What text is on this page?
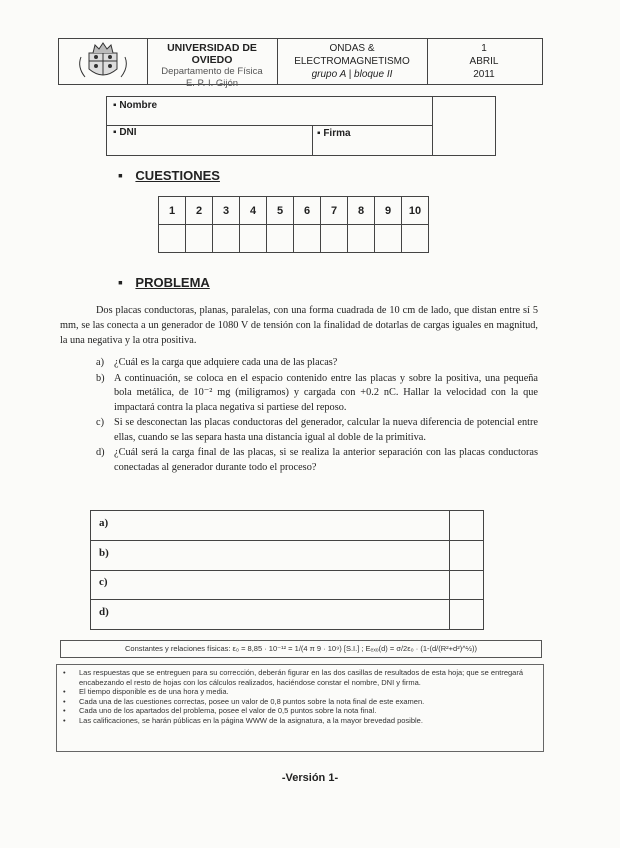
UNIVERSIDAD DE OVIEDO
Departamento de Física
E. P. I. Gijón
ONDAS &
ELECTROMAGNETISMO
grupo A | bloque II
1
ABRIL
2011
▪ Nombre
▪ DNI	▪ Firma
▪ CUESTIONES
1	2	3	4	5	6	7	8	9	10

▪ PROBLEMA
Dos placas conductoras, planas, paralelas, con una forma cuadrada de 10 cm de lado, que distan entre sí 5 mm, se las conecta a un generador de 1080 V de tensión con la finalidad de dotarlas de cargas iguales en magnitud, la una negativa y la otra positiva.
a) ¿Cuál es la carga que adquiere cada una de las placas?
b) A continuación, se coloca en el espacio contenido entre las placas y sobre la positiva, una pequeña bola metálica, de 10⁻² mg (miligramos) y cargada con +0.2 nC. Hallar la velocidad con la que impactará contra la placa negativa si partiese del reposo.
c) Si se desconectan las placas conductoras del generador, calcular la nueva diferencia de potencial entre ellas, cuando se las separa hasta una distancia igual al doble de la primitiva.
d) ¿Cuál será la carga final de las placas, si se realiza la anterior separación con las placas conductoras conectadas al generador durante todo el proceso?
a)
b)
c)
d)
Constantes y relaciones físicas: ε₀ = 8,85 · 10⁻¹² = 1/(4 π 9 · 10⁹) [S.I.] ; Eₑₓₒ(d) = σ/2ε₀ · (1-(d/(R²+d²)^½))
• Las respuestas que se entreguen para su corrección, deberán figurar en las dos casillas de resultados de esta hoja; que se entregará encabezando el resto de hojas con los cálculos realizados, haciéndose constar el nombre, DNI y firma.
• El tiempo disponible es de una hora y media.
• Cada una de las cuestiones correctas, posee un valor de 0,8 puntos sobre la nota final de este examen.
• Cada uno de los apartados del problema, posee el valor de 0,5 puntos sobre la nota final.
• Las calificaciones, se harán públicas en la página WWW de la asignatura, a la mayor brevedad posible.
-Versión 1-
